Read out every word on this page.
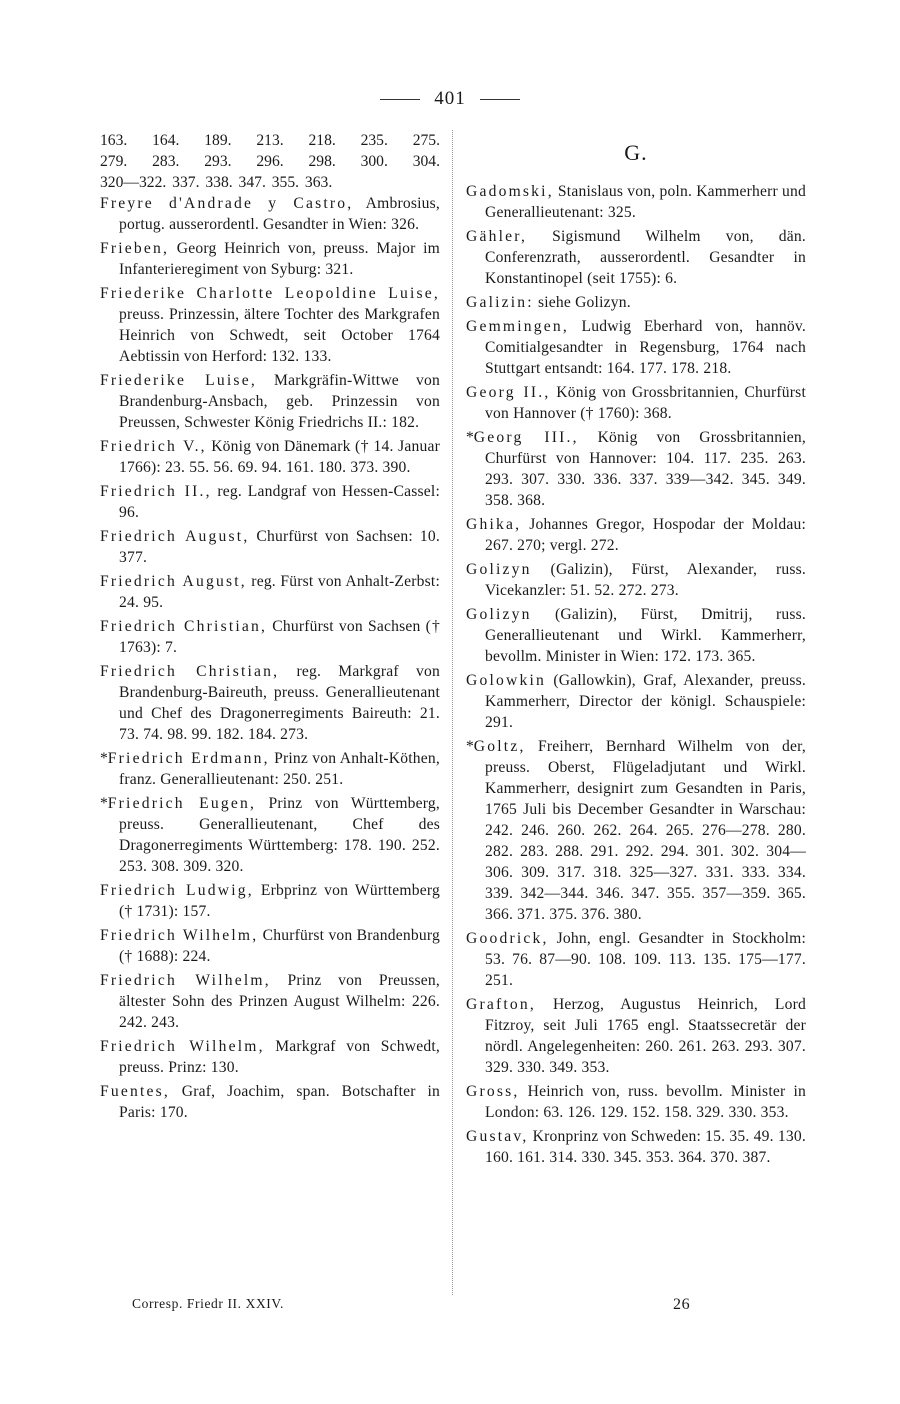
401
163. 164. 189. 213. 218. 235. 275.
279. 283. 293. 296. 298. 300. 304.
320—322. 337. 338. 347. 355. 363.
Freyre d'Andrade y Castro, Ambrosius, portug. ausserordentl. Gesandter in Wien: 326.
Frieben, Georg Heinrich von, preuss. Major im Infanterieregiment von Syburg: 321.
Friederike Charlotte Leopoldine Luise, preuss. Prinzessin, ältere Tochter des Markgrafen Heinrich von Schwedt, seit October 1764 Aebtissin von Herford: 132. 133.
Friederike Luise, Markgräfin-Wittwe von Brandenburg-Ansbach, geb. Prinzessin von Preussen, Schwester König Friedrichs II.: 182.
Friedrich V., König von Dänemark († 14. Januar 1766): 23. 55. 56. 69. 94. 161. 180. 373. 390.
Friedrich II., reg. Landgraf von Hessen-Cassel: 96.
Friedrich August, Churfürst von Sachsen: 10. 377.
Friedrich August, reg. Fürst von Anhalt-Zerbst: 24. 95.
Friedrich Christian, Churfürst von Sachsen († 1763): 7.
Friedrich Christian, reg. Markgraf von Brandenburg-Baireuth, preuss. Generallieutenant und Chef des Dragonerregiments Baireuth: 21. 73. 74. 98. 99. 182. 184. 273.
*Friedrich Erdmann, Prinz von Anhalt-Köthen, franz. Generallieutenant: 250. 251.
*Friedrich Eugen, Prinz von Württemberg, preuss. Generallieutenant, Chef des Dragonerregiments Württemberg: 178. 190. 252. 253. 308. 309. 320.
Friedrich Ludwig, Erbprinz von Württemberg († 1731): 157.
Friedrich Wilhelm, Churfürst von Brandenburg († 1688): 224.
Friedrich Wilhelm, Prinz von Preussen, ältester Sohn des Prinzen August Wilhelm: 226. 242. 243.
Friedrich Wilhelm, Markgraf von Schwedt, preuss. Prinz: 130.
Fuentes, Graf, Joachim, span. Botschafter in Paris: 170.
G.
Gadomski, Stanislaus von, poln. Kammerherr und Generallieutenant: 325.
Gähler, Sigismund Wilhelm von, dän. Conferenzrath, ausserordentl. Gesandter in Konstantinopel (seit 1755): 6.
Galizin: siehe Golizyn.
Gemmingen, Ludwig Eberhard von, hannöv. Comitialgesandter in Regensburg, 1764 nach Stuttgart entsandt: 164. 177. 178. 218.
Georg II., König von Grossbritannien, Churfürst von Hannover († 1760): 368.
*Georg III., König von Grossbritannien, Churfürst von Hannover: 104. 117. 235. 263. 293. 307. 330. 336. 337. 339—342. 345. 349. 358. 368.
Ghika, Johannes Gregor, Hospodar der Moldau: 267. 270; vergl. 272.
Golizyn (Galizin), Fürst, Alexander, russ. Vicekanzler: 51. 52. 272. 273.
Golizyn (Galizin), Fürst, Dmitrij, russ. Generallieutenant und Wirkl. Kammerherr, bevollm. Minister in Wien: 172. 173. 365.
Golowkin (Gallowkin), Graf, Alexander, preuss. Kammerherr, Director der königl. Schauspiele: 291.
*Goltz, Freiherr, Bernhard Wilhelm von der, preuss. Oberst, Flügeladjutant und Wirkl. Kammerherr, designirt zum Gesandten in Paris, 1765 Juli bis December Gesandter in Warschau: 242. 246. 260. 262. 264. 265. 276—278. 280. 282. 283. 288. 291. 292. 294. 301. 302. 304—306. 309. 317. 318. 325—327. 331. 333. 334. 339. 342—344. 346. 347. 355. 357—359. 365. 366. 371. 375. 376. 380.
Goodrick, John, engl. Gesandter in Stockholm: 53. 76. 87—90. 108. 109. 113. 135. 175—177. 251.
Grafton, Herzog, Augustus Heinrich, Lord Fitzroy, seit Juli 1765 engl. Staatssecretär der nördl. Angelegenheiten: 260. 261. 263. 293. 307. 329. 330. 349. 353.
Gross, Heinrich von, russ. bevollm. Minister in London: 63. 126. 129. 152. 158. 329. 330. 353.
Gustav, Kronprinz von Schweden: 15. 35. 49. 130. 160. 161. 314. 330. 345. 353. 364. 370. 387.
Corresp. Friedr II. XXIV.	26
